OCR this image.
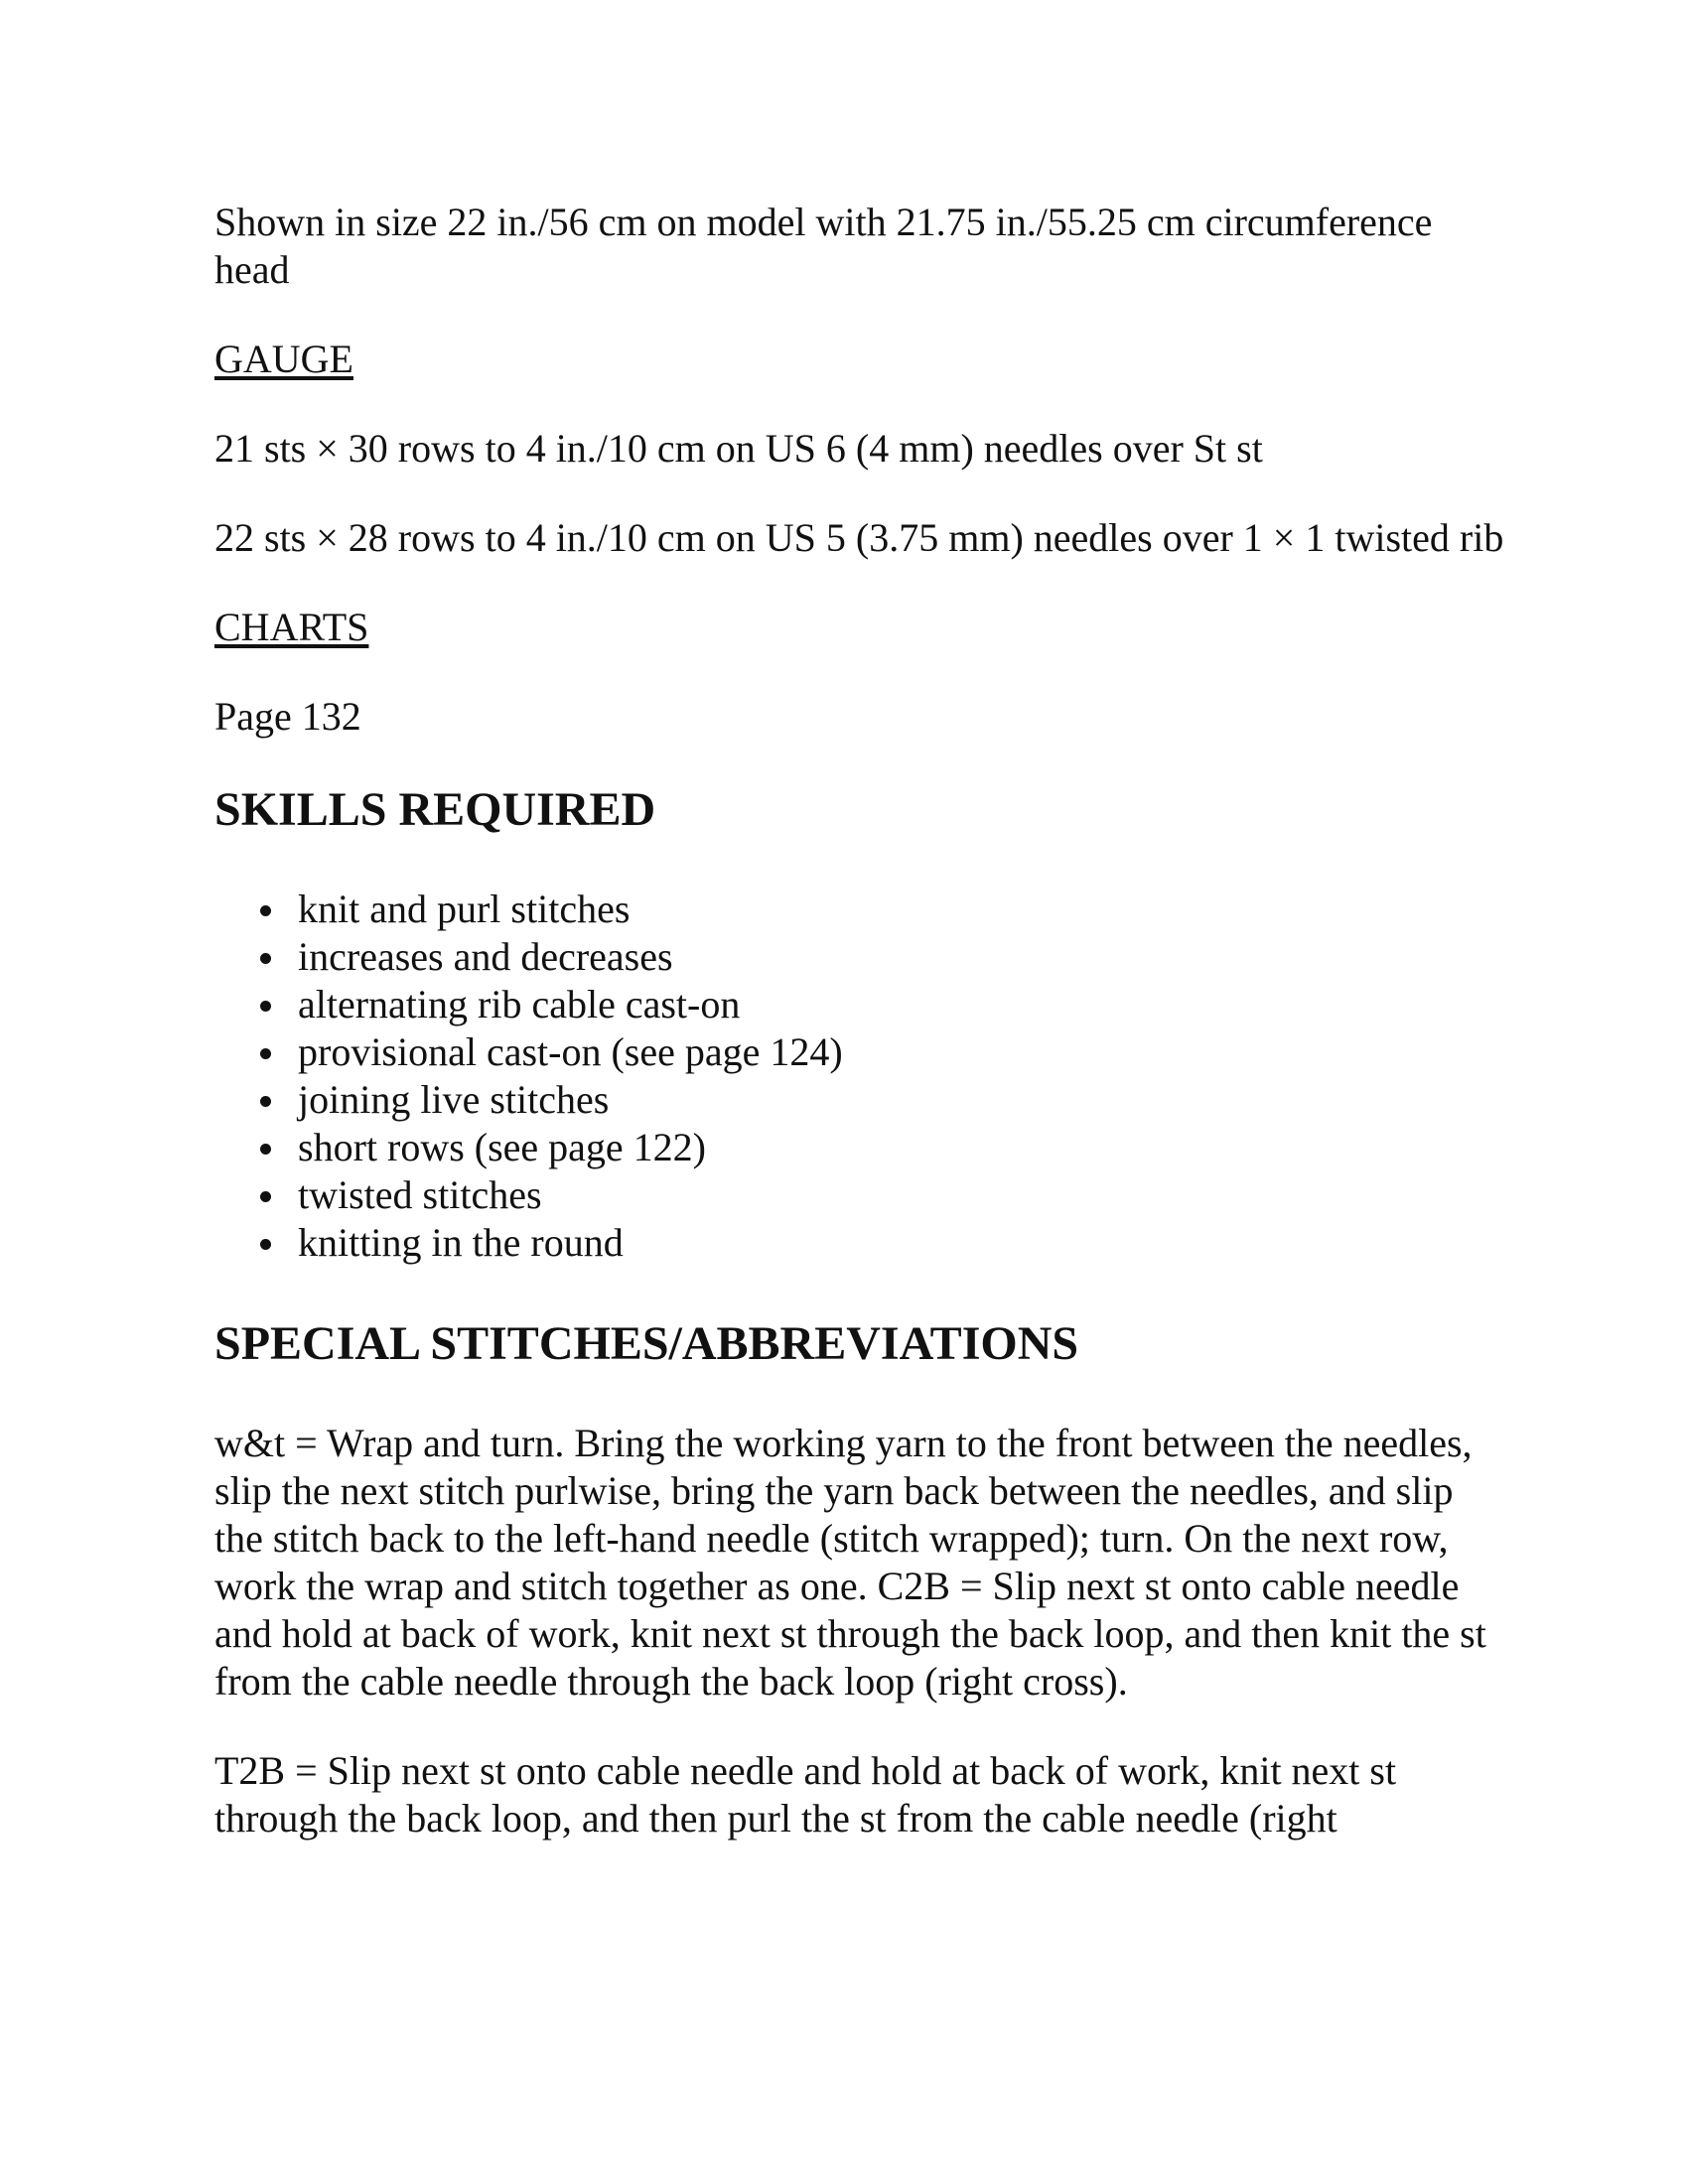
Shown in size 22 in./56 cm on model with 21.75 in./55.25 cm circumference head

GAUGE

21 sts × 30 rows to 4 in./10 cm on US 6 (4 mm) needles over St st

22 sts × 28 rows to 4 in./10 cm on US 5 (3.75 mm) needles over 1 × 1 twisted rib

CHARTS

Page 132

SKILLS REQUIRED
knit and purl stitches
increases and decreases
alternating rib cable cast-on
provisional cast-on (see page 124)
joining live stitches
short rows (see page 122)
twisted stitches
knitting in the round
SPECIAL STITCHES/ABBREVIATIONS

w&t = Wrap and turn. Bring the working yarn to the front between the needles, slip the next stitch purlwise, bring the yarn back between the needles, and slip the stitch back to the left-hand needle (stitch wrapped); turn. On the next row, work the wrap and stitch together as one. C2B = Slip next st onto cable needle and hold at back of work, knit next st through the back loop, and then knit the st from the cable needle through the back loop (right cross).

T2B = Slip next st onto cable needle and hold at back of work, knit next st through the back loop, and then purl the st from the cable needle (right
